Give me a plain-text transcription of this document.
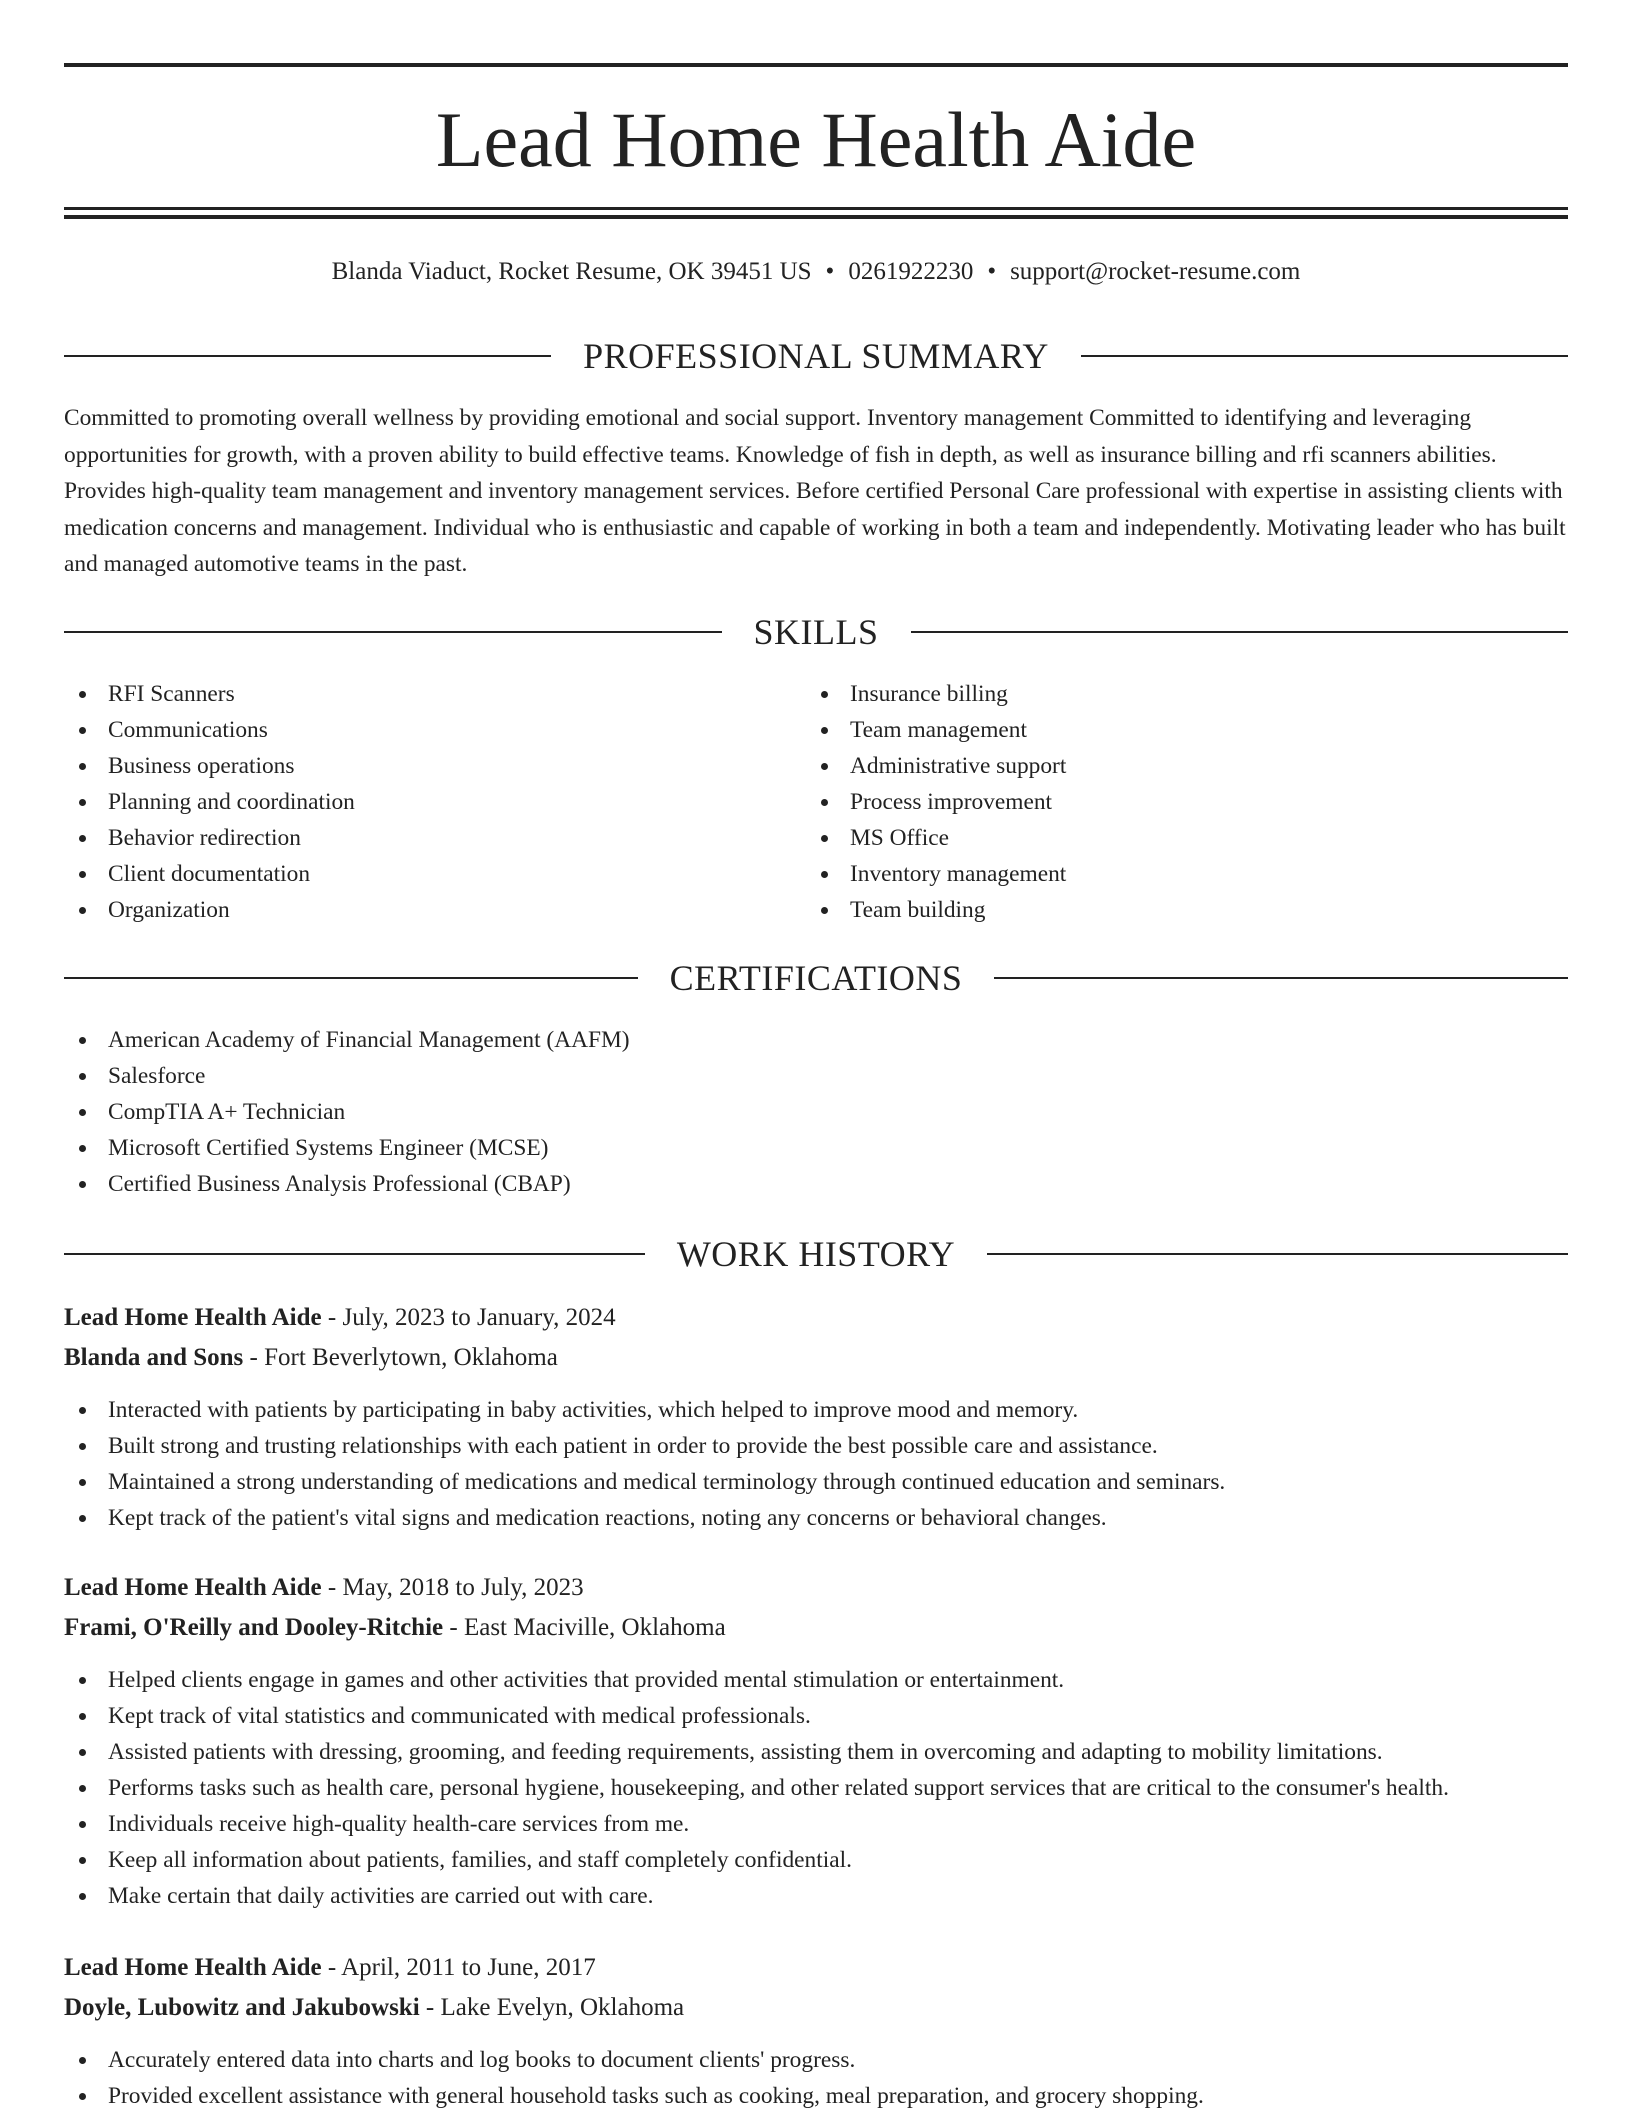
Lead Home Health Aide
Blanda Viaduct, Rocket Resume, OK 39451 US • 0261922230 • support@rocket-resume.com
PROFESSIONAL SUMMARY

Committed to promoting overall wellness by providing emotional and social support. Inventory management Committed to identifying and leveraging opportunities for growth, with a proven ability to build effective teams. Knowledge of fish in depth, as well as insurance billing and rfi scanners abilities. Provides high-quality team management and inventory management services. Before certified Personal Care professional with expertise in assisting clients with medication concerns and management. Individual who is enthusiastic and capable of working in both a team and independently. Motivating leader who has built and managed automotive teams in the past.

SKILLS
RFI Scanners
Communications
Business operations
Planning and coordination
Behavior redirection
Client documentation
Organization
Insurance billing
Team management
Administrative support
Process improvement
MS Office
Inventory management
Team building
CERTIFICATIONS
American Academy of Financial Management (AAFM)
Salesforce
CompTIA A+ Technician
Microsoft Certified Systems Engineer (MCSE)
Certified Business Analysis Professional (CBAP)
WORK HISTORY
Lead Home Health Aide - July, 2023 to January, 2024
Blanda and Sons - Fort Beverlytown, Oklahoma
Interacted with patients by participating in baby activities, which helped to improve mood and memory.
Built strong and trusting relationships with each patient in order to provide the best possible care and assistance.
Maintained a strong understanding of medications and medical terminology through continued education and seminars.
Kept track of the patient's vital signs and medication reactions, noting any concerns or behavioral changes.
Lead Home Health Aide - May, 2018 to July, 2023
Frami, O'Reilly and Dooley-Ritchie - East Maciville, Oklahoma
Helped clients engage in games and other activities that provided mental stimulation or entertainment.
Kept track of vital statistics and communicated with medical professionals.
Assisted patients with dressing, grooming, and feeding requirements, assisting them in overcoming and adapting to mobility limitations.
Performs tasks such as health care, personal hygiene, housekeeping, and other related support services that are critical to the consumer's health.
Individuals receive high-quality health-care services from me.
Keep all information about patients, families, and staff completely confidential.
Make certain that daily activities are carried out with care.
Lead Home Health Aide - April, 2011 to June, 2017
Doyle, Lubowitz and Jakubowski - Lake Evelyn, Oklahoma
Accurately entered data into charts and log books to document clients' progress.
Provided excellent assistance with general household tasks such as cooking, meal preparation, and grocery shopping.
